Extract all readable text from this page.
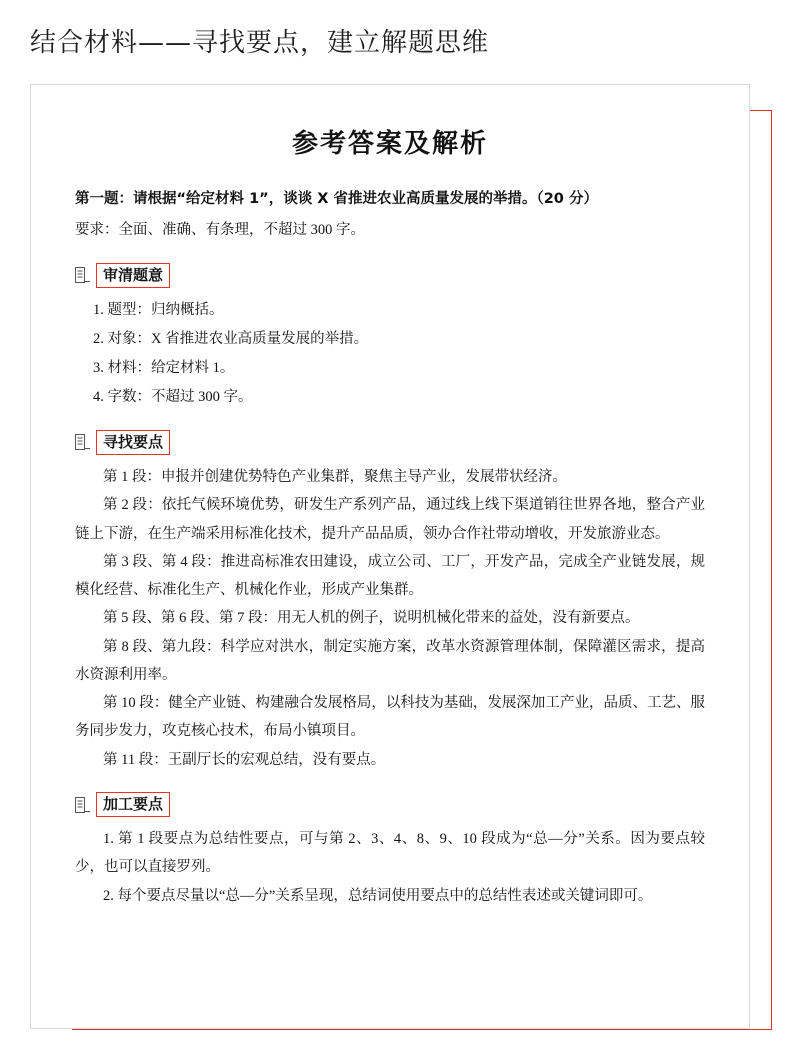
结合材料——寻找要点，建立解题思维
参考答案及解析
第一题：请根据“给定材料 1”，谈谈 X 省推进农业高质量发展的举措。（20 分）
要求：全面、准确、有条理，不超过 300 字。
审清题意
1. 题型：归纳概括。
2. 对象：X 省推进农业高质量发展的举措。
3. 材料：给定材料 1。
4. 字数：不超过 300 字。
寻找要点
第 1 段：申报并创建优势特色产业集群，聚焦主导产业，发展带状经济。
第 2 段：依托气候环境优势，研发生产系列产品，通过线上线下渠道销往世界各地，整合产业链上下游，在生产端采用标准化技术，提升产品品质，领办合作社带动增收，开发旅游业态。
第 3 段、第 4 段：推进高标准农田建设，成立公司、工厂，开发产品，完成全产业链发展，规模化经营、标准化生产、机械化作业，形成产业集群。
第 5 段、第 6 段、第 7 段：用无人机的例子，说明机械化带来的益处，没有新要点。
第 8 段、第九段：科学应对洪水，制定实施方案，改革水资源管理体制，保障灌区需求，提高水资源利用率。
第 10 段：健全产业链、构建融合发展格局，以科技为基础，发展深加工产业，品质、工艺、服务同步发力，攻克核心技术，布局小镇项目。
第 11 段：王副厅长的宏观总结，没有要点。
加工要点
1. 第 1 段要点为总结性要点，可与第 2、3、4、8、9、10 段成为“总—分”关系。因为要点较少，也可以直接罗列。
2. 每个要点尽量以“总—分”关系呈现，总结词使用要点中的总结性表述或关键词即可。
